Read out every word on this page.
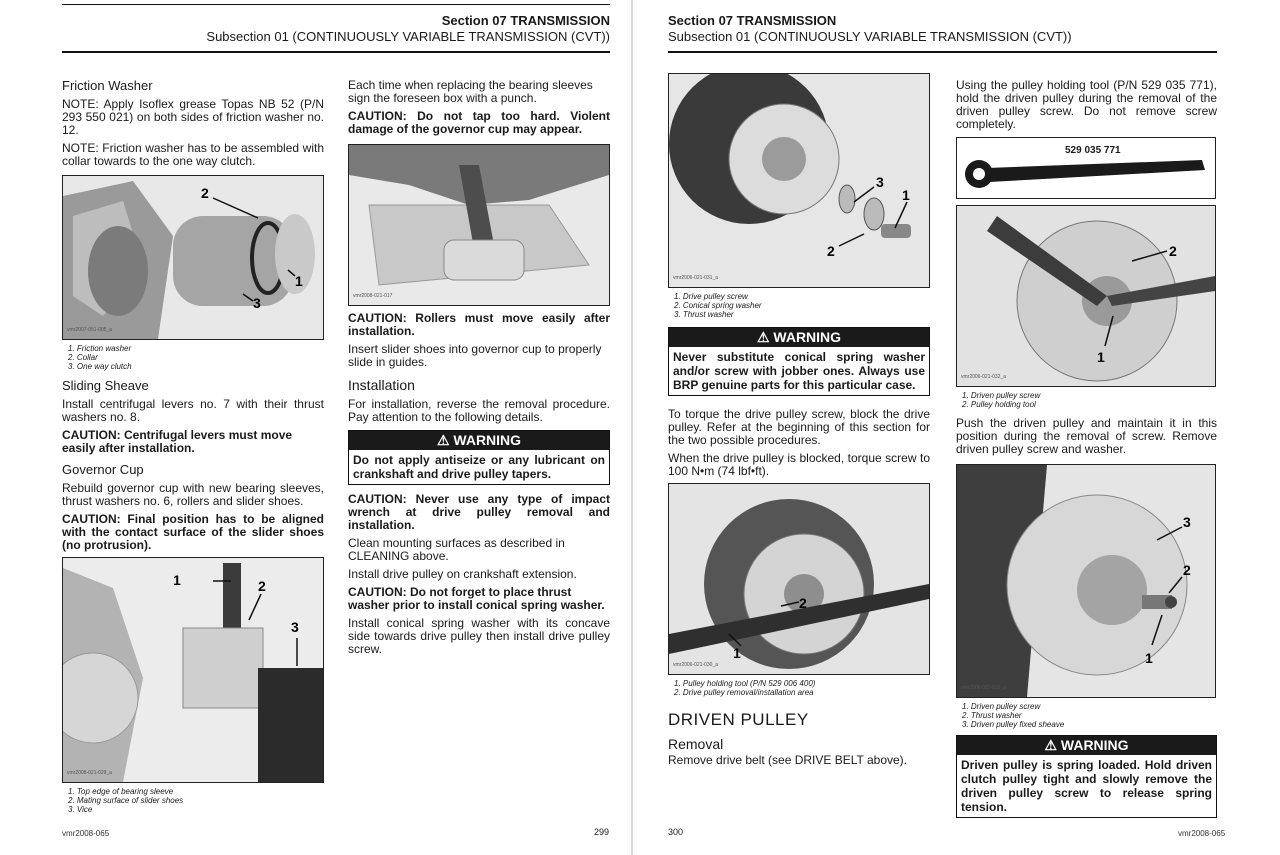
Section 07 TRANSMISSION
Subsection 01 (CONTINUOUSLY VARIABLE TRANSMISSION (CVT))
Friction Washer

NOTE: Apply Isoflex grease Topas NB 52 (P/N 293 550 021) on both sides of friction washer no. 12.

NOTE: Friction washer has to be assembled with collar towards to the one way clutch.

2
1
3
vmr2007-051-005_a
1. Friction washer
2. Collar
3. One way clutch
Sliding Sheave

Install centrifugal levers no. 7 with their thrust washers no. 8.

CAUTION: Centrifugal levers must move easily after installation.

Governor Cup

Rebuild governor cup with new bearing sleeves, thrust washers no. 6, rollers and slider shoes.

CAUTION: Final position has to be aligned with the contact surface of the slider shoes (no protrusion).

1	2
3
vmr2008-021-029_a
1. Top edge of bearing sleeve
2. Mating surface of slider shoes
3. Vice

Each time when replacing the bearing sleeves sign the foreseen box with a punch.

CAUTION: Do not tap too hard. Violent damage of the governor cup may appear.

vmr2008-021-017

CAUTION: Rollers must move easily after installation.

Insert slider shoes into governor cup to properly slide in guides.

Installation

For installation, reverse the removal procedure. Pay attention to the following details.

⚠ WARNING
Do not apply antiseize or any lubricant on crankshaft and drive pulley tapers.

CAUTION: Never use any type of impact wrench at drive pulley removal and installation.

Clean mounting surfaces as described in CLEANING above.

Install drive pulley on crankshaft extension.

CAUTION: Do not forget to place thrust washer prior to install conical spring washer.

Install conical spring washer with its concave side towards drive pulley then install drive pulley screw.

vmr2008-065	299
Section 07 TRANSMISSION
Subsection 01 (CONTINUOUSLY VARIABLE TRANSMISSION (CVT))
3
1
2
vmr2006-021-031_a
1. Drive pulley screw
2. Conical spring washer
3. Thrust washer
⚠ WARNING
Never substitute conical spring washer and/or screw with jobber ones. Always use BRP genuine parts for this particular case.

To torque the drive pulley screw, block the drive pulley. Refer at the beginning of this section for the two possible procedures.

When the drive pulley is blocked, torque screw to 100 N•m (74 lbf•ft).

2
1
vmr2006-021-030_a
1. Pulley holding tool (P/N 529 006 400)
2. Drive pulley removal/installation area
DRIVEN PULLEY
Removal

Remove drive belt (see DRIVE BELT above).

Using the pulley holding tool (P/N 529 035 771), hold the driven pulley during the removal of the driven pulley screw. Do not remove screw completely.

529 035 771
2
1
vmr2006-021-032_a
1. Driven pulley screw
2. Pulley holding tool

Push the driven pulley and maintain it in this position during the removal of screw. Remove driven pulley screw and washer.

3
2
1
vmr2006-021-033_a
1. Driven pulley screw
2. Thrust washer
3. Driven pulley fixed sheave
⚠ WARNING
Driven pulley is spring loaded. Hold driven clutch pulley tight and slowly remove the driven pulley screw to release spring tension.
300	vmr2008-065
